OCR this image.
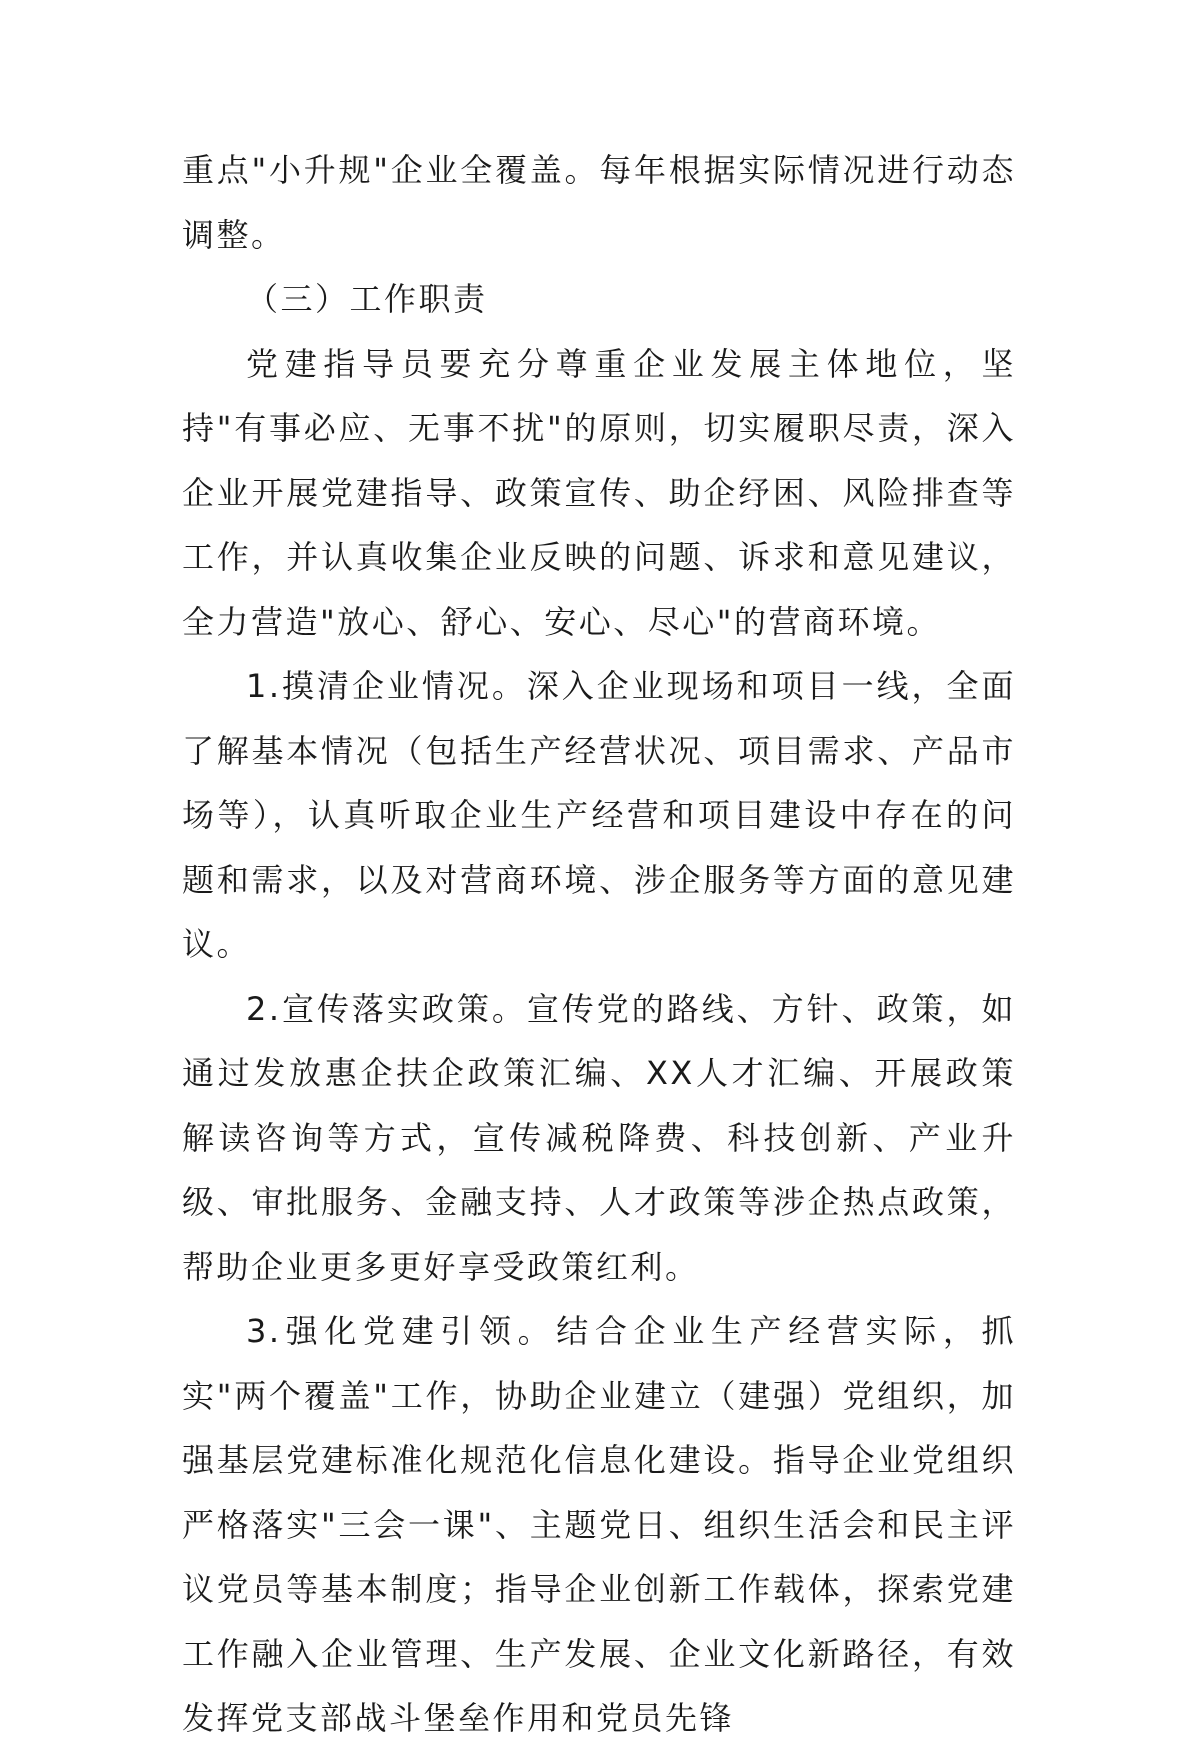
重点"小升规"企业全覆盖。每年根据实际情况进行动态调整。

（三）工作职责

党建指导员要充分尊重企业发展主体地位，坚持"有事必应、无事不扰"的原则，切实履职尽责，深入企业开展党建指导、政策宣传、助企纾困、风险排查等工作，并认真收集企业反映的问题、诉求和意见建议，全力营造"放心、舒心、安心、尽心"的营商环境。

1.摸清企业情况。深入企业现场和项目一线，全面了解基本情况（包括生产经营状况、项目需求、产品市场等），认真听取企业生产经营和项目建设中存在的问题和需求，以及对营商环境、涉企服务等方面的意见建议。

2.宣传落实政策。宣传党的路线、方针、政策，如通过发放惠企扶企政策汇编、XX人才汇编、开展政策解读咨询等方式，宣传减税降费、科技创新、产业升级、审批服务、金融支持、人才政策等涉企热点政策，帮助企业更多更好享受政策红利。

3.强化党建引领。结合企业生产经营实际，抓实"两个覆盖"工作，协助企业建立（建强）党组织，加强基层党建标准化规范化信息化建设。指导企业党组织严格落实"三会一课"、主题党日、组织生活会和民主评议党员等基本制度；指导企业创新工作载体，探索党建工作融入企业管理、生产发展、企业文化新路径，有效发挥党支部战斗堡垒作用和党员先锋
